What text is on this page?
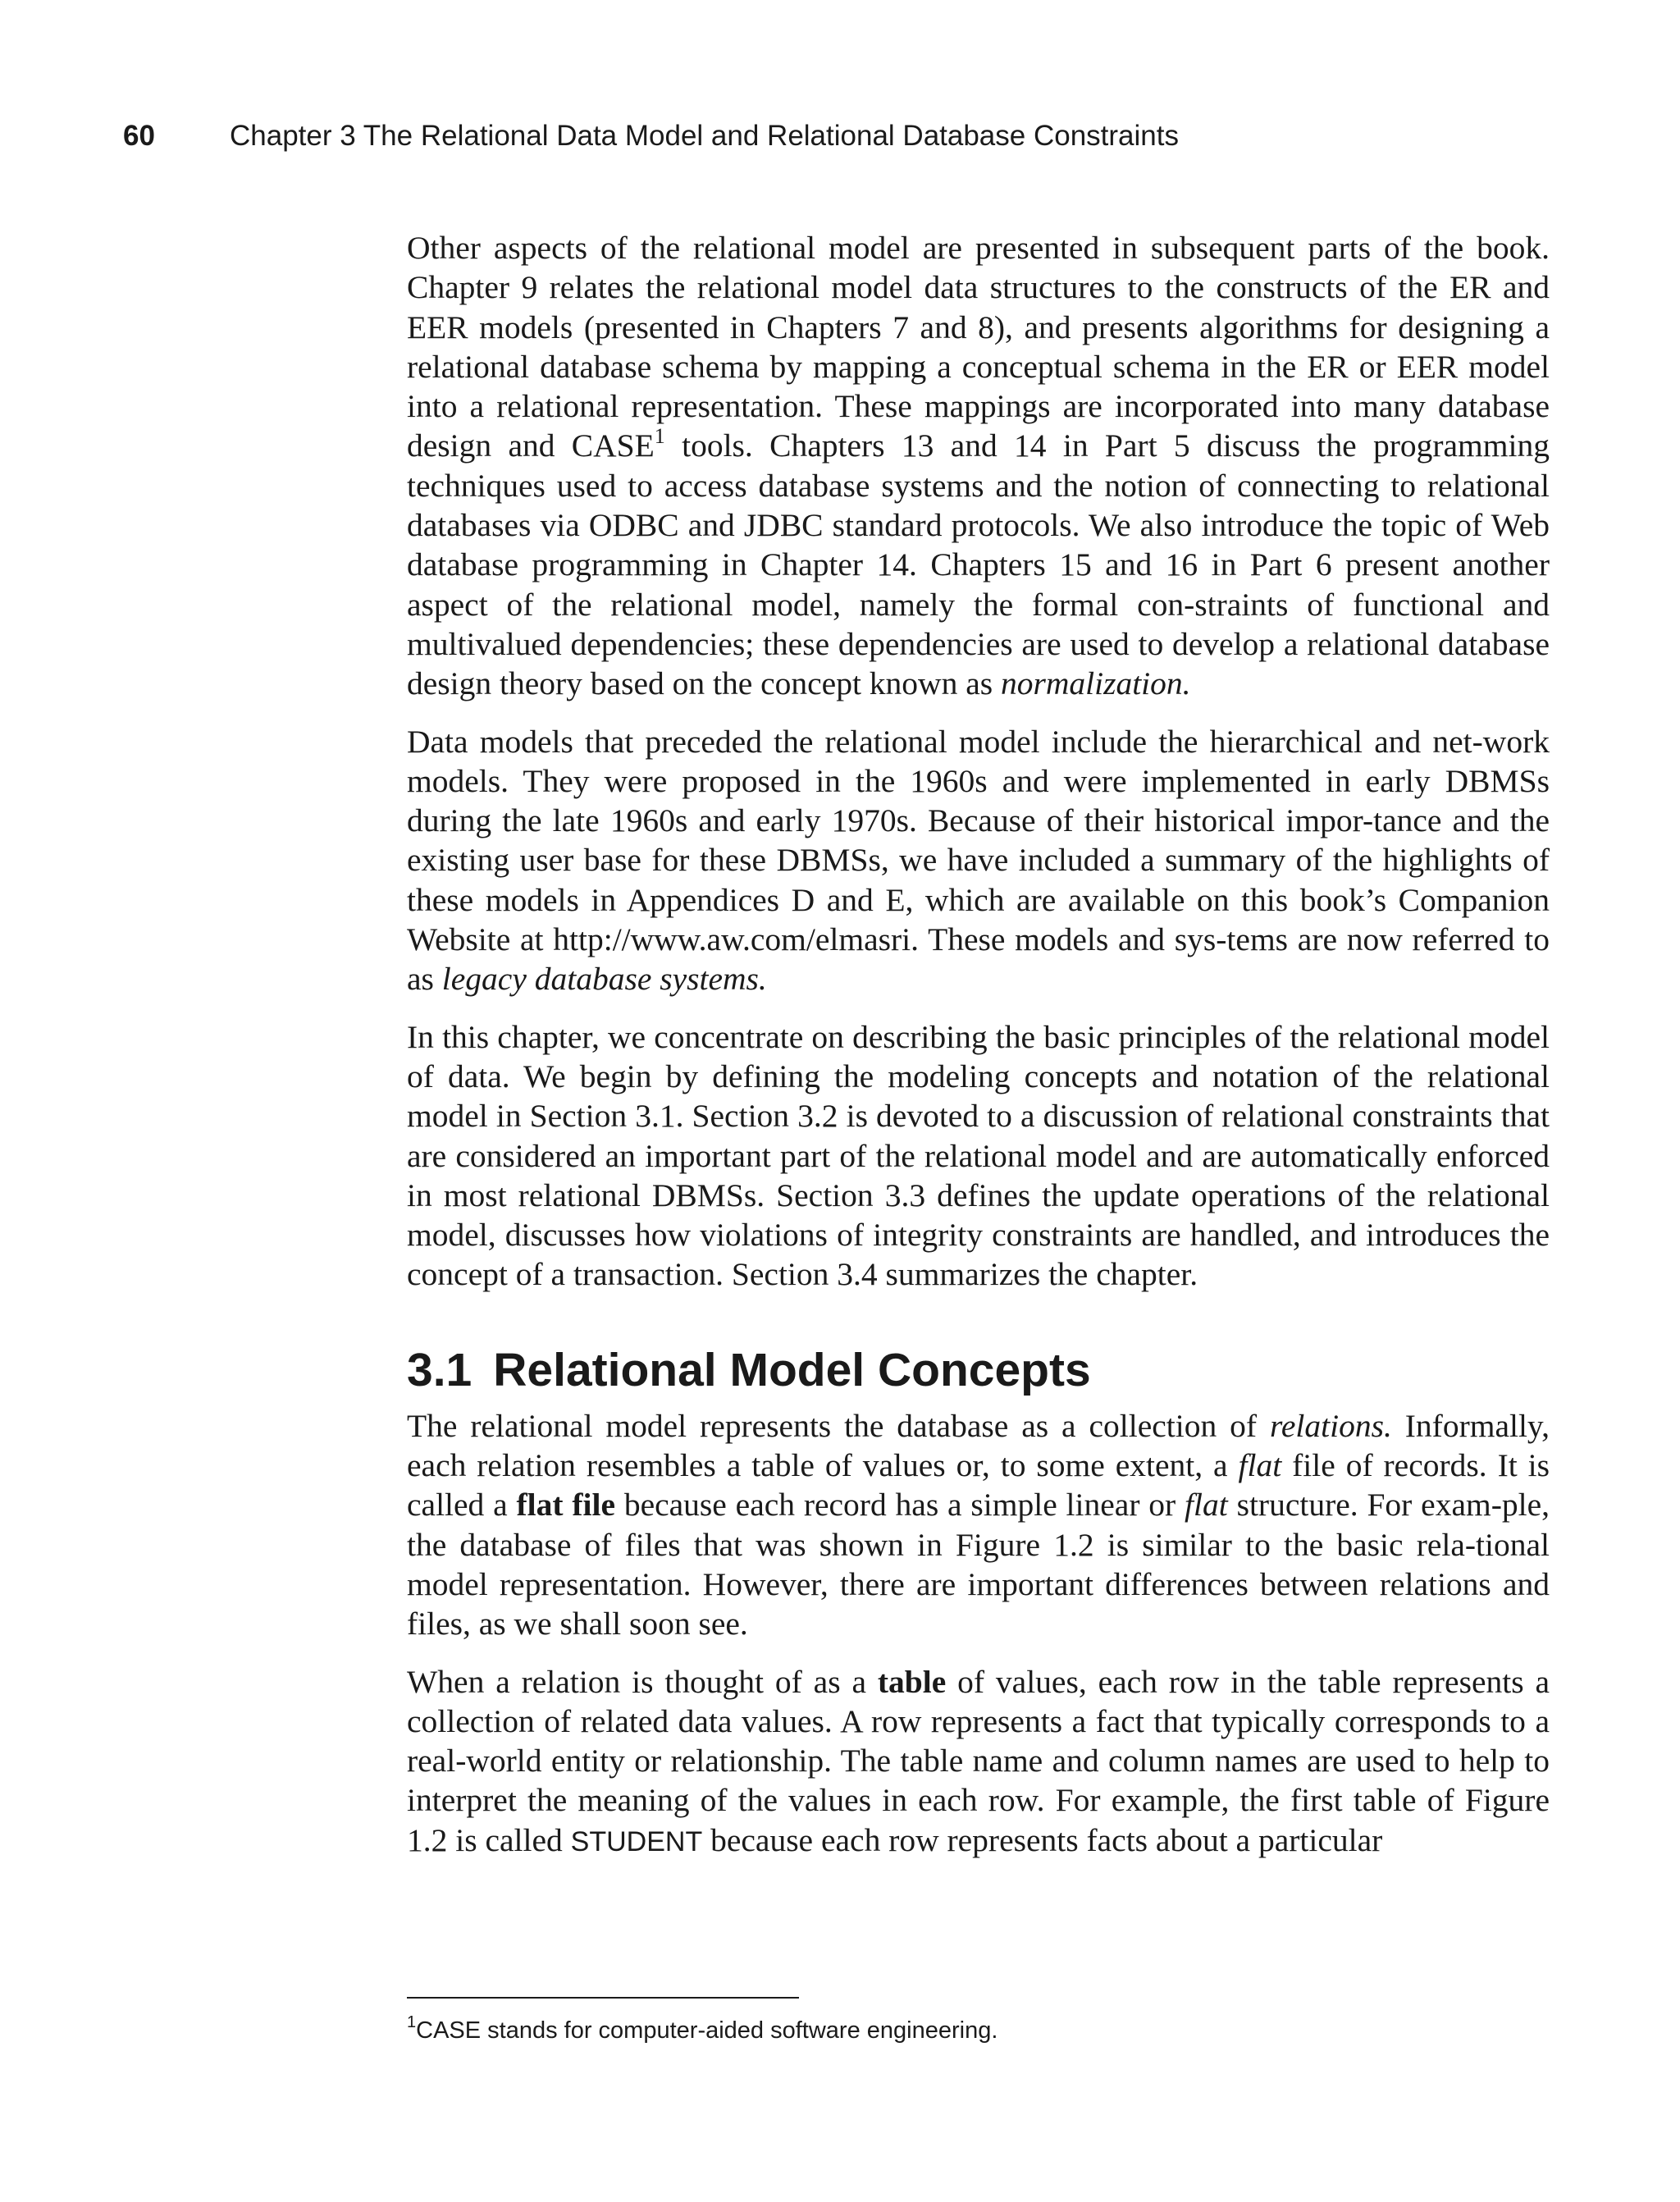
60	Chapter 3 The Relational Data Model and Relational Database Constraints

Other aspects of the relational model are presented in subsequent parts of the book. Chapter 9 relates the relational model data structures to the constructs of the ER and EER models (presented in Chapters 7 and 8), and presents algorithms for designing a relational database schema by mapping a conceptual schema in the ER or EER model into a relational representation. These mappings are incorporated into many database design and CASE$^1$ tools. Chapters 13 and 14 in Part 5 discuss the programming techniques used to access database systems and the notion of connecting to relational databases via ODBC and JDBC standard protocols. We also introduce the topic of Web database programming in Chapter 14. Chapters 15 and 16 in Part 6 present another aspect of the relational model, namely the formal con-straints of functional and multivalued dependencies; these dependencies are used to develop a relational database design theory based on the concept known as normalization.

Data models that preceded the relational model include the hierarchical and net-work models. They were proposed in the 1960s and were implemented in early DBMSs during the late 1960s and early 1970s. Because of their historical impor-tance and the existing user base for these DBMSs, we have included a summary of the highlights of these models in Appendices D and E, which are available on this book’s Companion Website at http://www.aw.com/elmasri. These models and sys-tems are now referred to as legacy database systems.

In this chapter, we concentrate on describing the basic principles of the relational model of data. We begin by defining the modeling concepts and notation of the relational model in Section 3.1. Section 3.2 is devoted to a discussion of relational constraints that are considered an important part of the relational model and are automatically enforced in most relational DBMSs. Section 3.3 defines the update operations of the relational model, discusses how violations of integrity constraints are handled, and introduces the concept of a transaction. Section 3.4 summarizes the chapter.

3.1 Relational Model Concepts

The relational model represents the database as a collection of relations. Informally, each relation resembles a table of values or, to some extent, a flat file of records. It is called a flat file because each record has a simple linear or flat structure. For exam-ple, the database of files that was shown in Figure 1.2 is similar to the basic rela-tional model representation. However, there are important differences between relations and files, as we shall soon see.

When a relation is thought of as a table of values, each row in the table represents a collection of related data values. A row represents a fact that typically corresponds to a real-world entity or relationship. The table name and column names are used to help to interpret the meaning of the values in each row. For example, the first table of Figure 1.2 is called STUDENT because each row represents facts about a particular

$^1$CASE stands for computer-aided software engineering.
